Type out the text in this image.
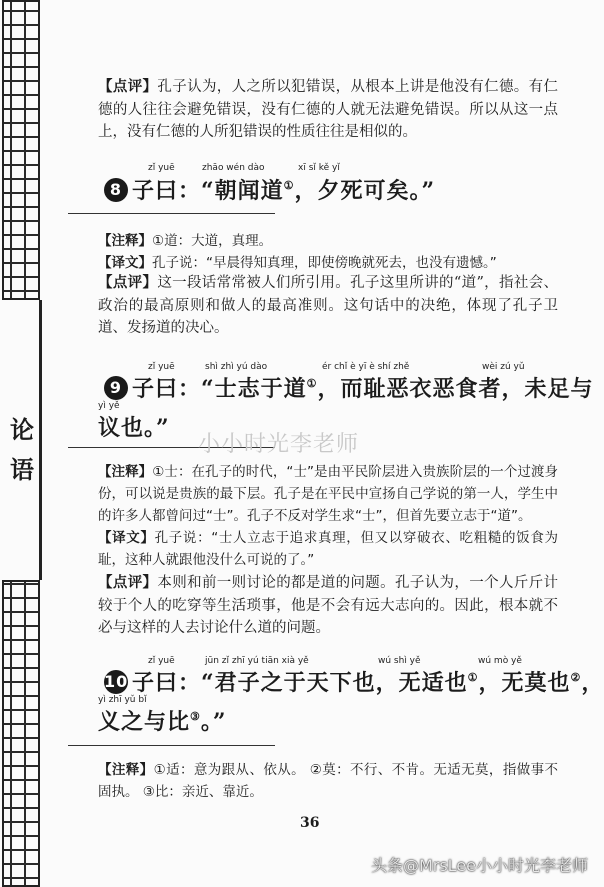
论语
【点评】孔子认为，人之所以犯错误，从根本上讲是他没有仁德。有仁德的人往往会避免错误，没有仁德的人就无法避免错误。所以从这一点上，没有仁德的人所犯错误的性质往往是相似的。
zǐ yuē	zhāo wén dào	xī sǐ kě yǐ
8 子曰：“朝闻道①，夕死可矣。”
【注释】①道：大道，真理。
【译文】孔子说：“早晨得知真理，即使傍晚就死去，也没有遗憾。”
【点评】这一段话常常被人们所引用。孔子这里所讲的“道”，指社会、政治的最高原则和做人的最高准则。这句话中的决绝，体现了孔子卫道、发扬道的决心。
zǐ yuē	shì zhì yú dào	ér chǐ è yī è shí zhě	wèi zú yǔ
9 子曰：“士志于道①，而耻恶衣恶食者，未足与
yì yě
议也。”
【注释】①士：在孔子的时代，“士”是由平民阶层进入贵族阶层的一个过渡身份，可以说是贵族的最下层。孔子是在平民中宣扬自己学说的第一人，学生中的许多人都曾问过“士”。孔子不反对学生求“士”，但首先要立志于“道”。
【译文】孔子说：“士人立志于追求真理，但又以穿破衣、吃粗糙的饭食为耻，这种人就跟他没什么可说的了。”
【点评】本则和前一则讨论的都是道的问题。孔子认为，一个人斤斤计较于个人的吃穿等生活琐事，他是不会有远大志向的。因此，根本就不必与这样的人去讨论什么道的问题。
zǐ yuē	jūn zǐ zhī yú tiān xià yě	wú shì yě	wú mò yě
10 子曰：“君子之于天下也，无适也①，无莫也②，
yì zhī yǔ bǐ
义之与比③。”
【注释】①适：意为跟从、依从。 ②莫：不行、不肯。无适无莫，指做事不固执。 ③比：亲近、靠近。
36
小小时光李老师
头条@MrsLee小小时光李老师
